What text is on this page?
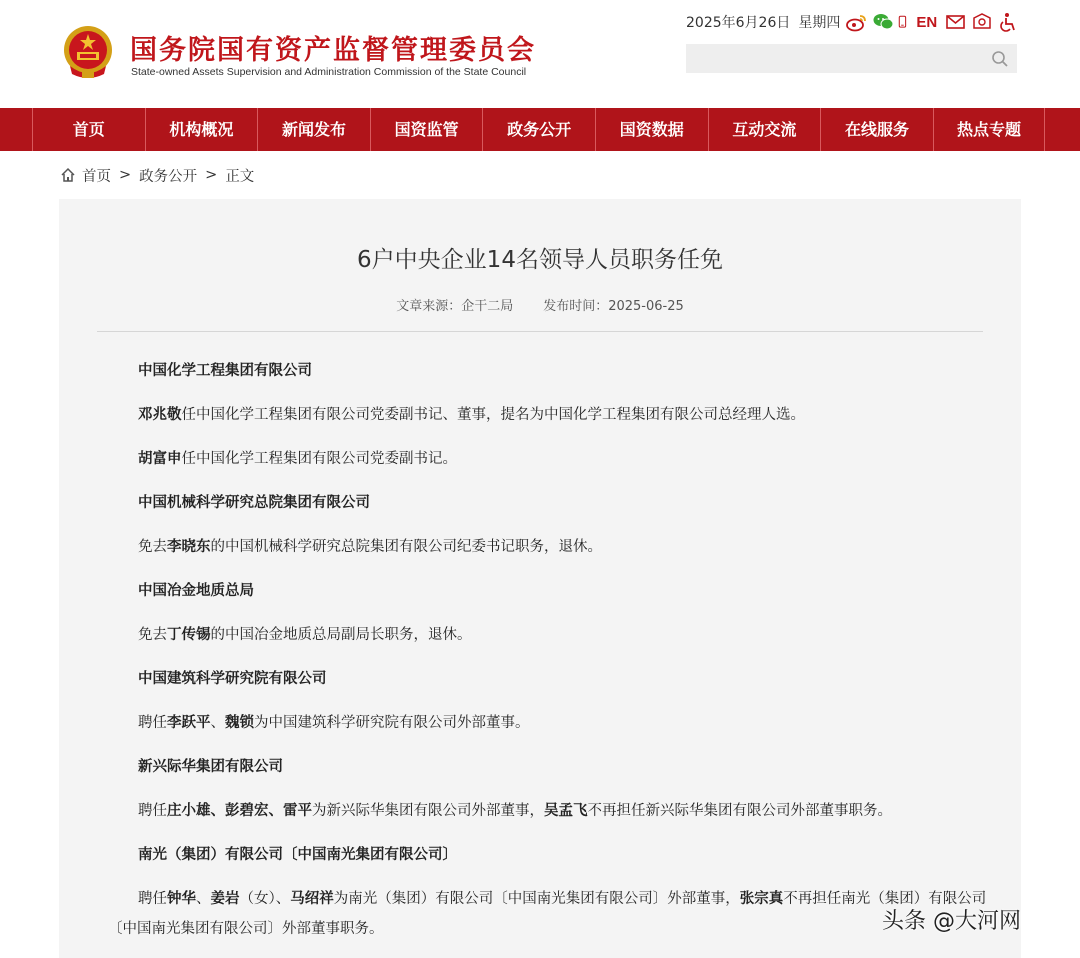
国务院国有资产监督管理委员会
State-owned Assets Supervision and Administration Commission of the State Council
2025年6月26日 星期四	EN
首页	机构概况	新闻发布	国资监管	政务公开	国资数据	互动交流	在线服务	热点专题
首页 > 政务公开 > 正文
6户中央企业14名领导人员职务任免
文章来源：企干二局 发布时间：2025-06-25

中国化学工程集团有限公司

邓兆敬任中国化学工程集团有限公司党委副书记、董事，提名为中国化学工程集团有限公司总经理人选。

胡富申任中国化学工程集团有限公司党委副书记。

中国机械科学研究总院集团有限公司

免去李晓东的中国机械科学研究总院集团有限公司纪委书记职务，退休。

中国冶金地质总局

免去丁传锡的中国冶金地质总局副局长职务，退休。

中国建筑科学研究院有限公司

聘任李跃平、魏锁为中国建筑科学研究院有限公司外部董事。

新兴际华集团有限公司

聘任庄小雄、彭碧宏、雷平为新兴际华集团有限公司外部董事，吴孟飞不再担任新兴际华集团有限公司外部董事职务。

南光（集团）有限公司〔中国南光集团有限公司〕

聘任钟华、姜岩（女）、马绍祥为南光（集团）有限公司〔中国南光集团有限公司〕外部董事，张宗真不再担任南光（集团）有限公司〔中国南光集团有限公司〕外部董事职务。	头条 @大河网
